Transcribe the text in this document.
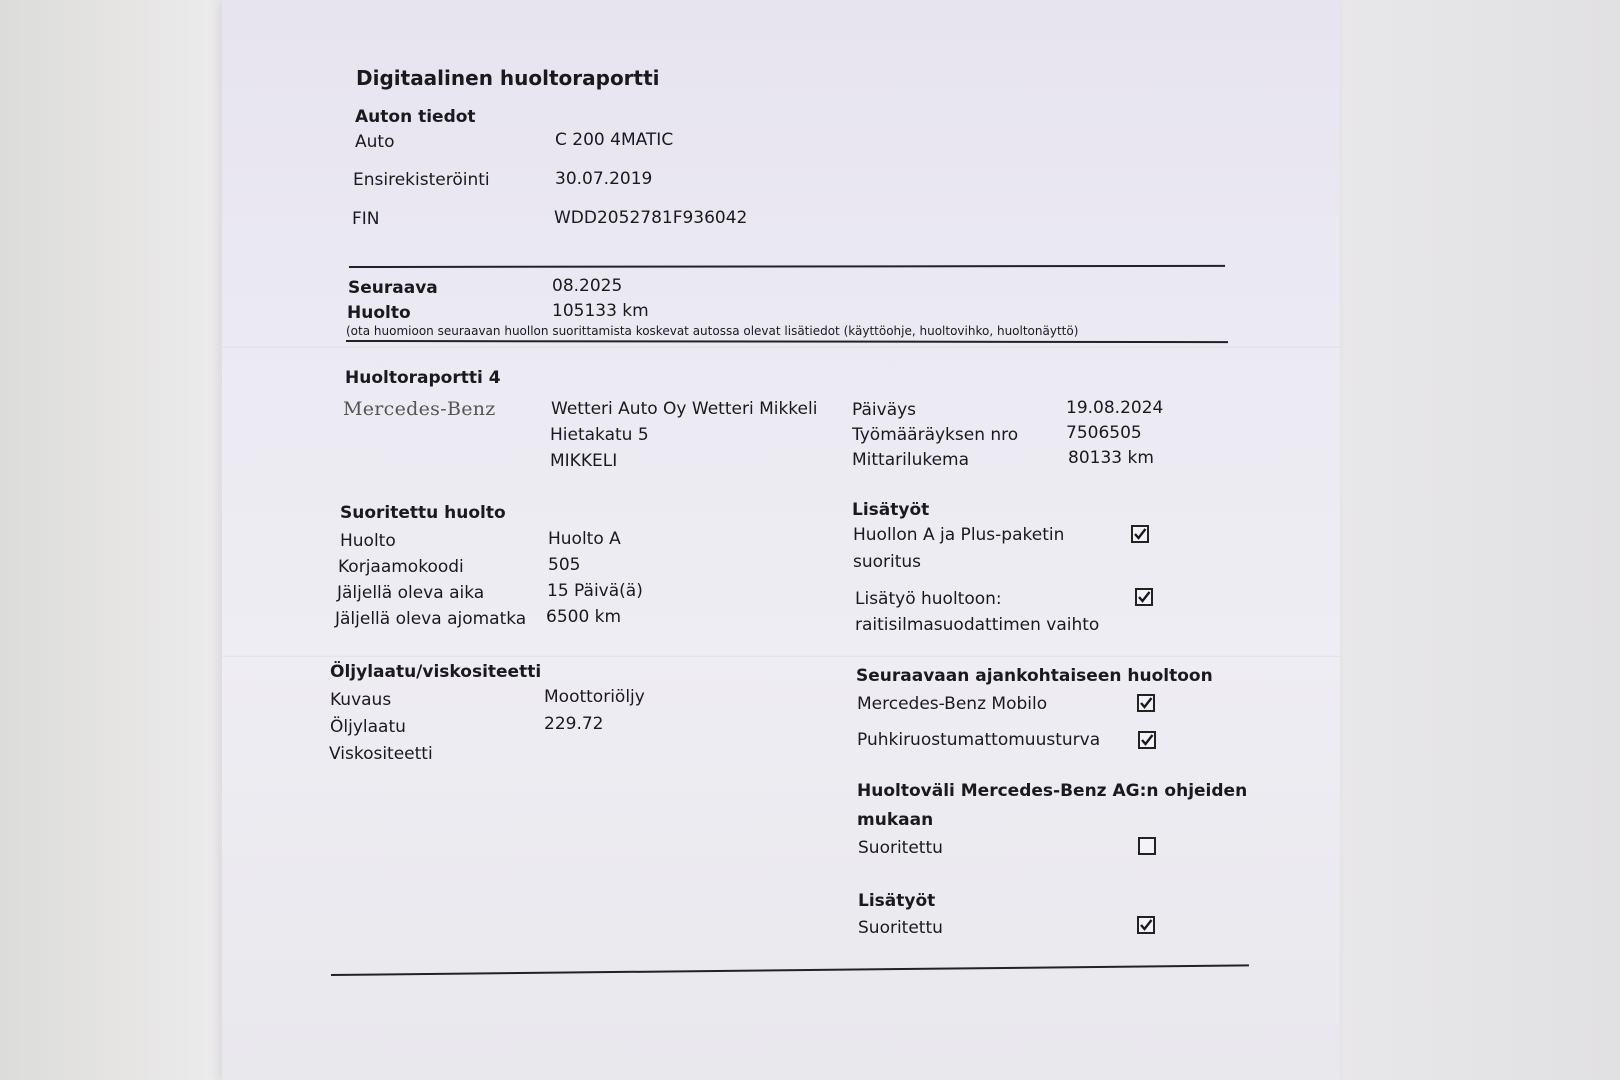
Digitaalinen huoltoraportti
Auton tiedot
Auto	C 200 4MATIC
Ensirekisteröinti	30.07.2019
FIN	WDD2052781F936042
Seuraava
Huolto
08.2025
105133 km
(ota huomioon seuraavan huollon suorittamista koskevat autossa olevat lisätiedot (käyttöohje, huoltovihko, huoltonäyttö)
Huoltoraportti 4
Mercedes-Benz	Wetteri Auto Oy Wetteri Mikkeli
Hietakatu 5
MIKKELI
Päiväys	19.08.2024
Työmääräyksen nro	7506505
Mittarilukema	80133 km
Suoritettu huolto
Huolto	Huolto A
Korjaamokoodi	505
Jäljellä oleva aika	15 Päivä(ä)
Jäljellä oleva ajomatka 6500 km
Öljylaatu/viskositeetti
Kuvaus	Moottoriöljy
Öljylaatu	229.72
Viskositeetti
Lisätyöt
Huollon A ja Plus-paketin
suoritus
Lisätyö huoltoon:
raitisilmasuodattimen vaihto
Seuraavaan ajankohtaiseen huoltoon
Mercedes-Benz Mobilo
Puhkiruostumattomuusturva
Huoltoväli Mercedes-Benz AG:n ohjeiden
mukaan
Suoritettu
Lisätyöt
Suoritettu
